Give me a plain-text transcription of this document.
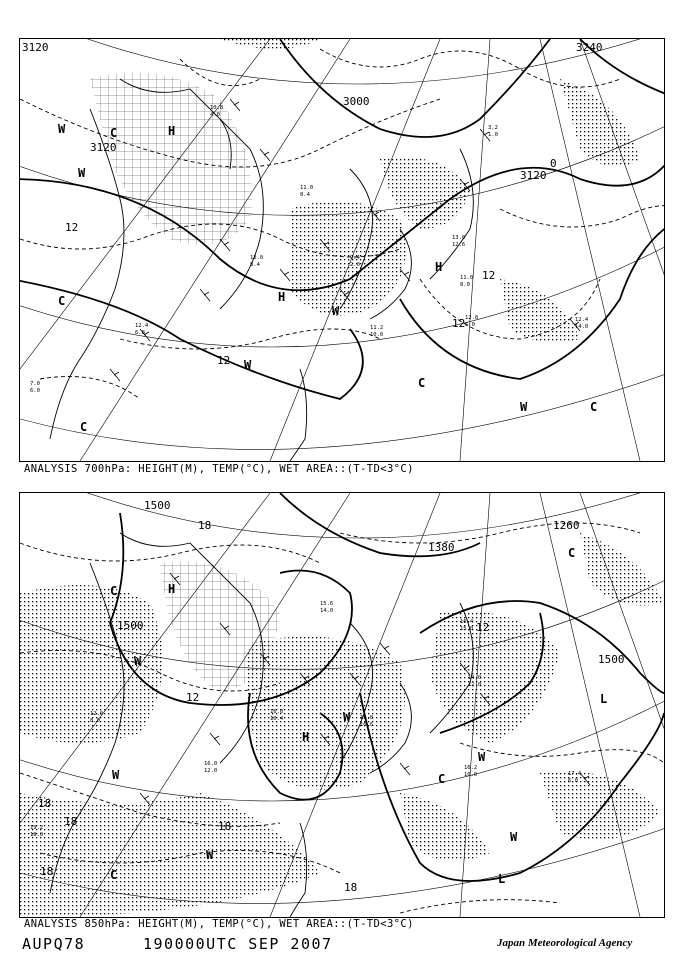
3120
3120
3000
3120
3240
12
12
12
12
0
H
H
H
C
C
C
C
W
W
W
W
W
C
10.8
4.0
11.0
8.4
9.4
2.0
13.0
12.6
11.0
8.0
12.8
6.0
12.4
14.0
12.4
6.8
12.0
8.4
7.0
6.0
3.2
1.0
11.2
10.0
ANALYSIS 700hPa: HEIGHT(M), TEMP(°C), WET AREA::(T-TD<3°C)
1500
1500
1500
1380
1260
18
18
18
18
18
18
12
12
H
H
C
C
C
W
W
W
W
W
W
L
L
C
15.6
14.0
16.0
10.4
16.4
15.0
14.0
12.0
16.2
10.0	17.4
6.0
12.0
8.0
16.0
12.0
19.2
18.0
18.8
16.6
ANALYSIS 850hPa: HEIGHT(M), TEMP(°C), WET AREA::(T-TD<3°C)
AUPQ78	190000UTC SEP 2007	Japan Meteorological Agency
